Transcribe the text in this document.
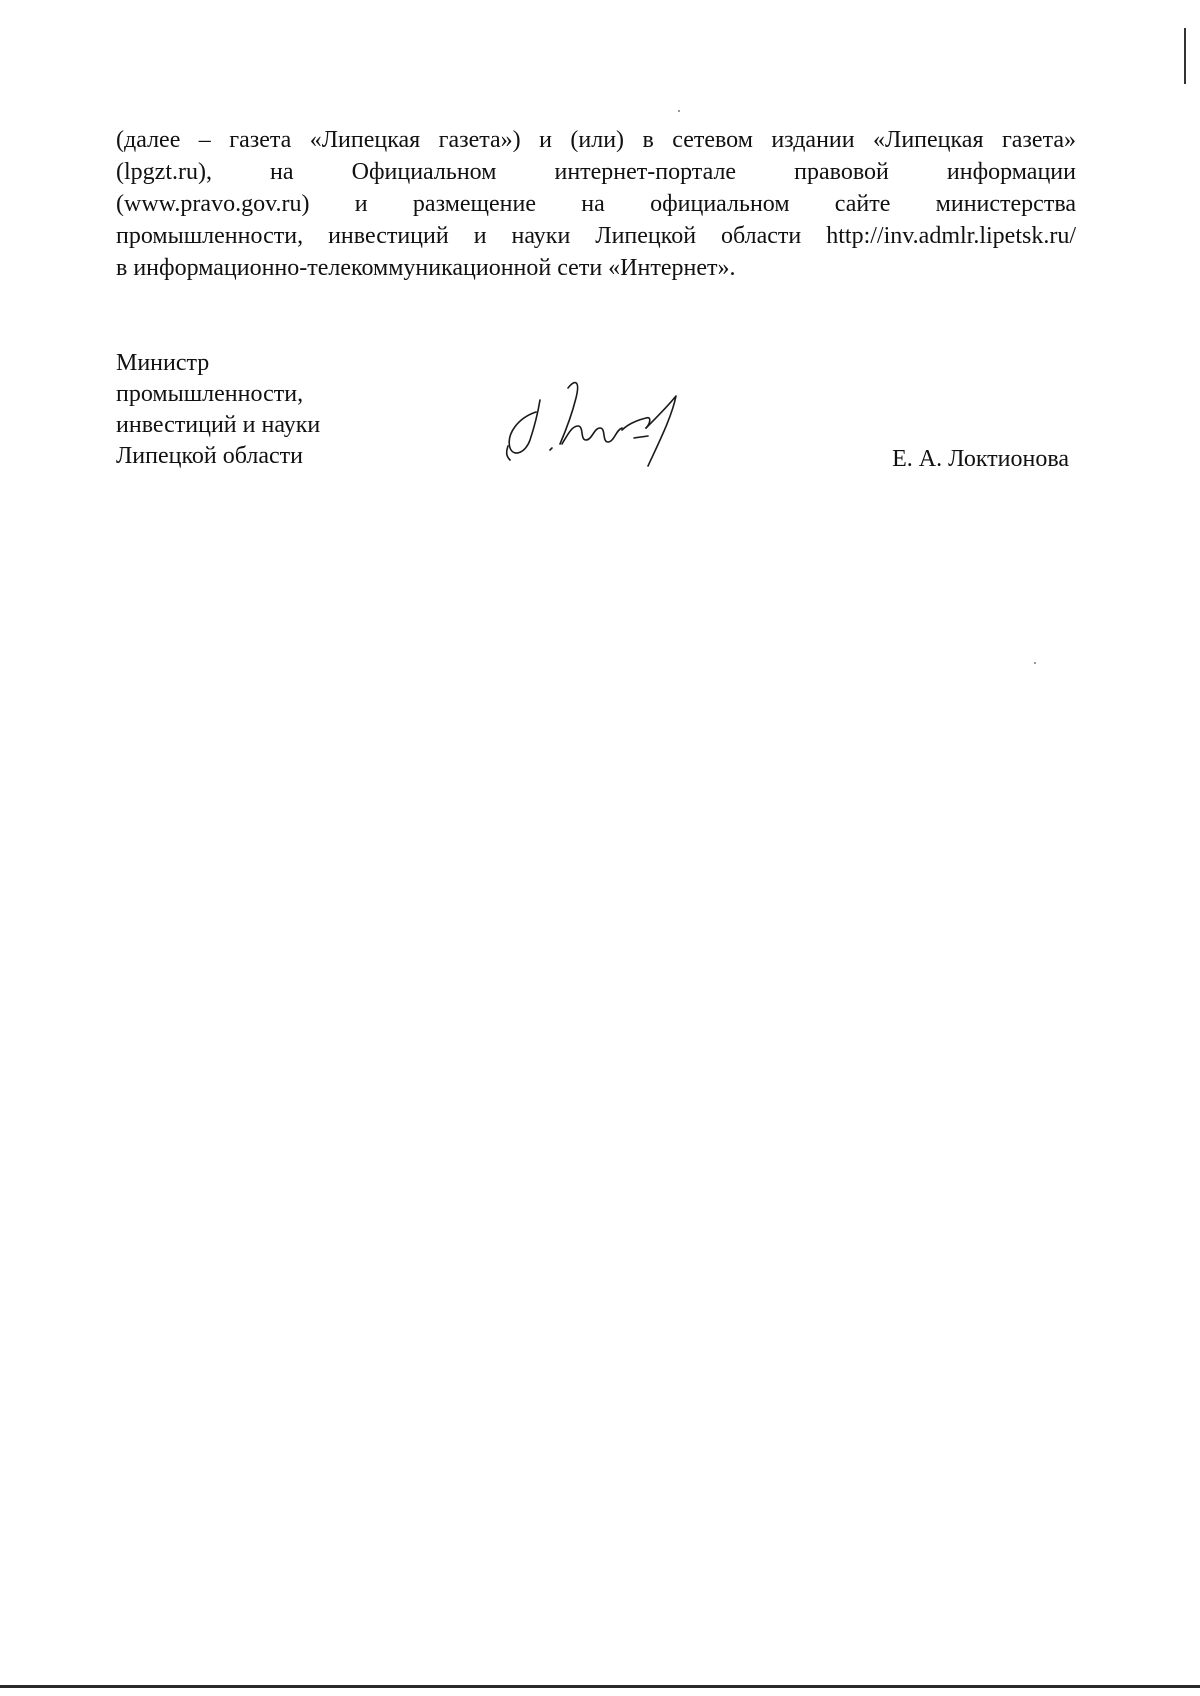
(далее – газета «Липецкая газета») и (или) в сетевом издании «Липецкая газета»
(lpgzt.ru), на Официальном интернет-портале правовой информации
(www.pravo.gov.ru) и размещение на официальном сайте министерства
промышленности, инвестиций и науки Липецкой области http://inv.admlr.lipetsk.ru/
в информационно-телекоммуникационной сети «Интернет».
Министр
промышленности,
инвестиций и науки
Липецкой области	Е. А. Локтионова
